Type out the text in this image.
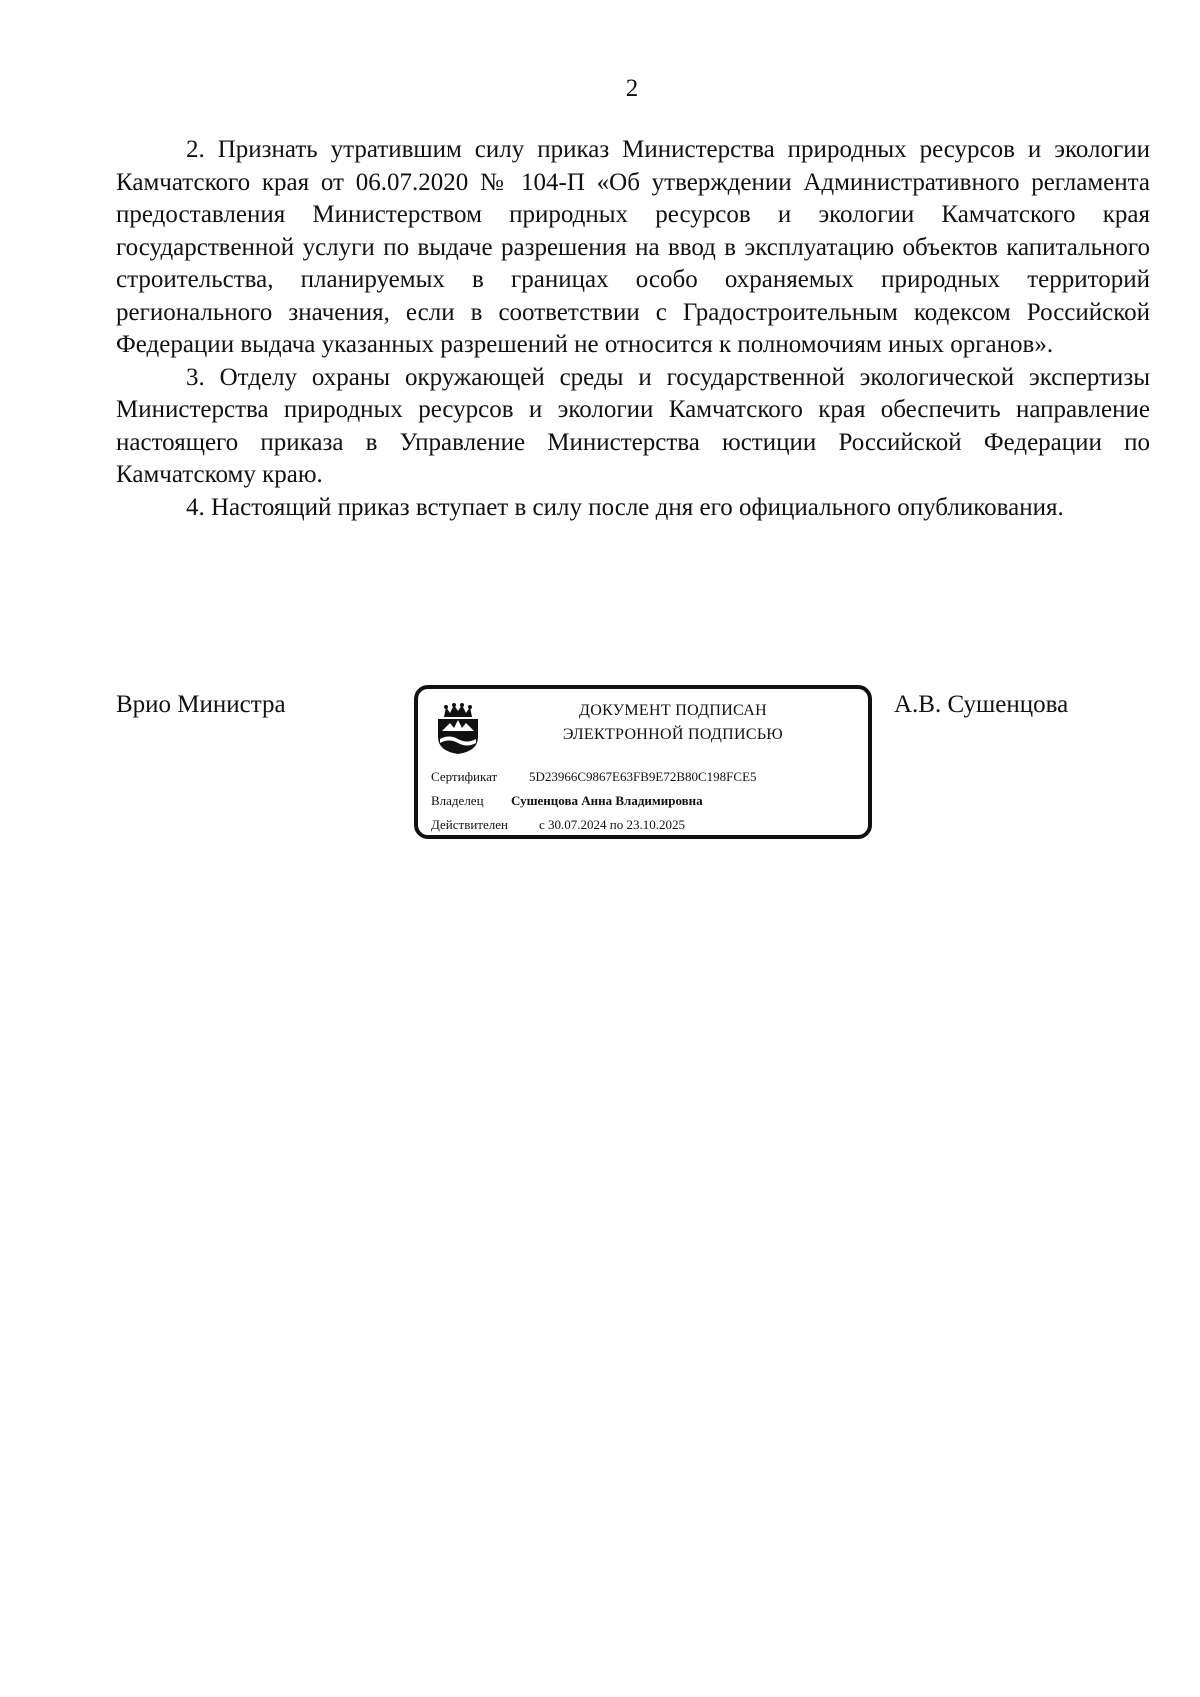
2

2. Признать утратившим силу приказ Министерства природных ресурсов и экологии Камчатского края от 06.07.2020 № 104-П «Об утверждении Административного регламента предоставления Министерством природных ресурсов и экологии Камчатского края государственной услуги по выдаче разрешения на ввод в эксплуатацию объектов капитального строительства, планируемых в границах особо охраняемых природных территорий регионального значения, если в соответствии с Градостроительным кодексом Российской Федерации выдача указанных разрешений не относится к полномочиям иных органов».

3. Отделу охраны окружающей среды и государственной экологической экспертизы Министерства природных ресурсов и экологии Камчатского края обеспечить направление настоящего приказа в Управление Министерства юстиции Российской Федерации по Камчатскому краю.

4. Настоящий приказ вступает в силу после дня его официального опубликования.

Врио Министра	ДОКУМЕНТ ПОДПИСАН
ЭЛЕКТРОННОЙ ПОДПИСЬЮ
Сертификат 5D23966C9867E63FB9E72B80C198FCE5
Владелец Сушенцова Анна Владимировна
Действителен с 30.07.2024 по 23.10.2025
А.В. Сушенцова
